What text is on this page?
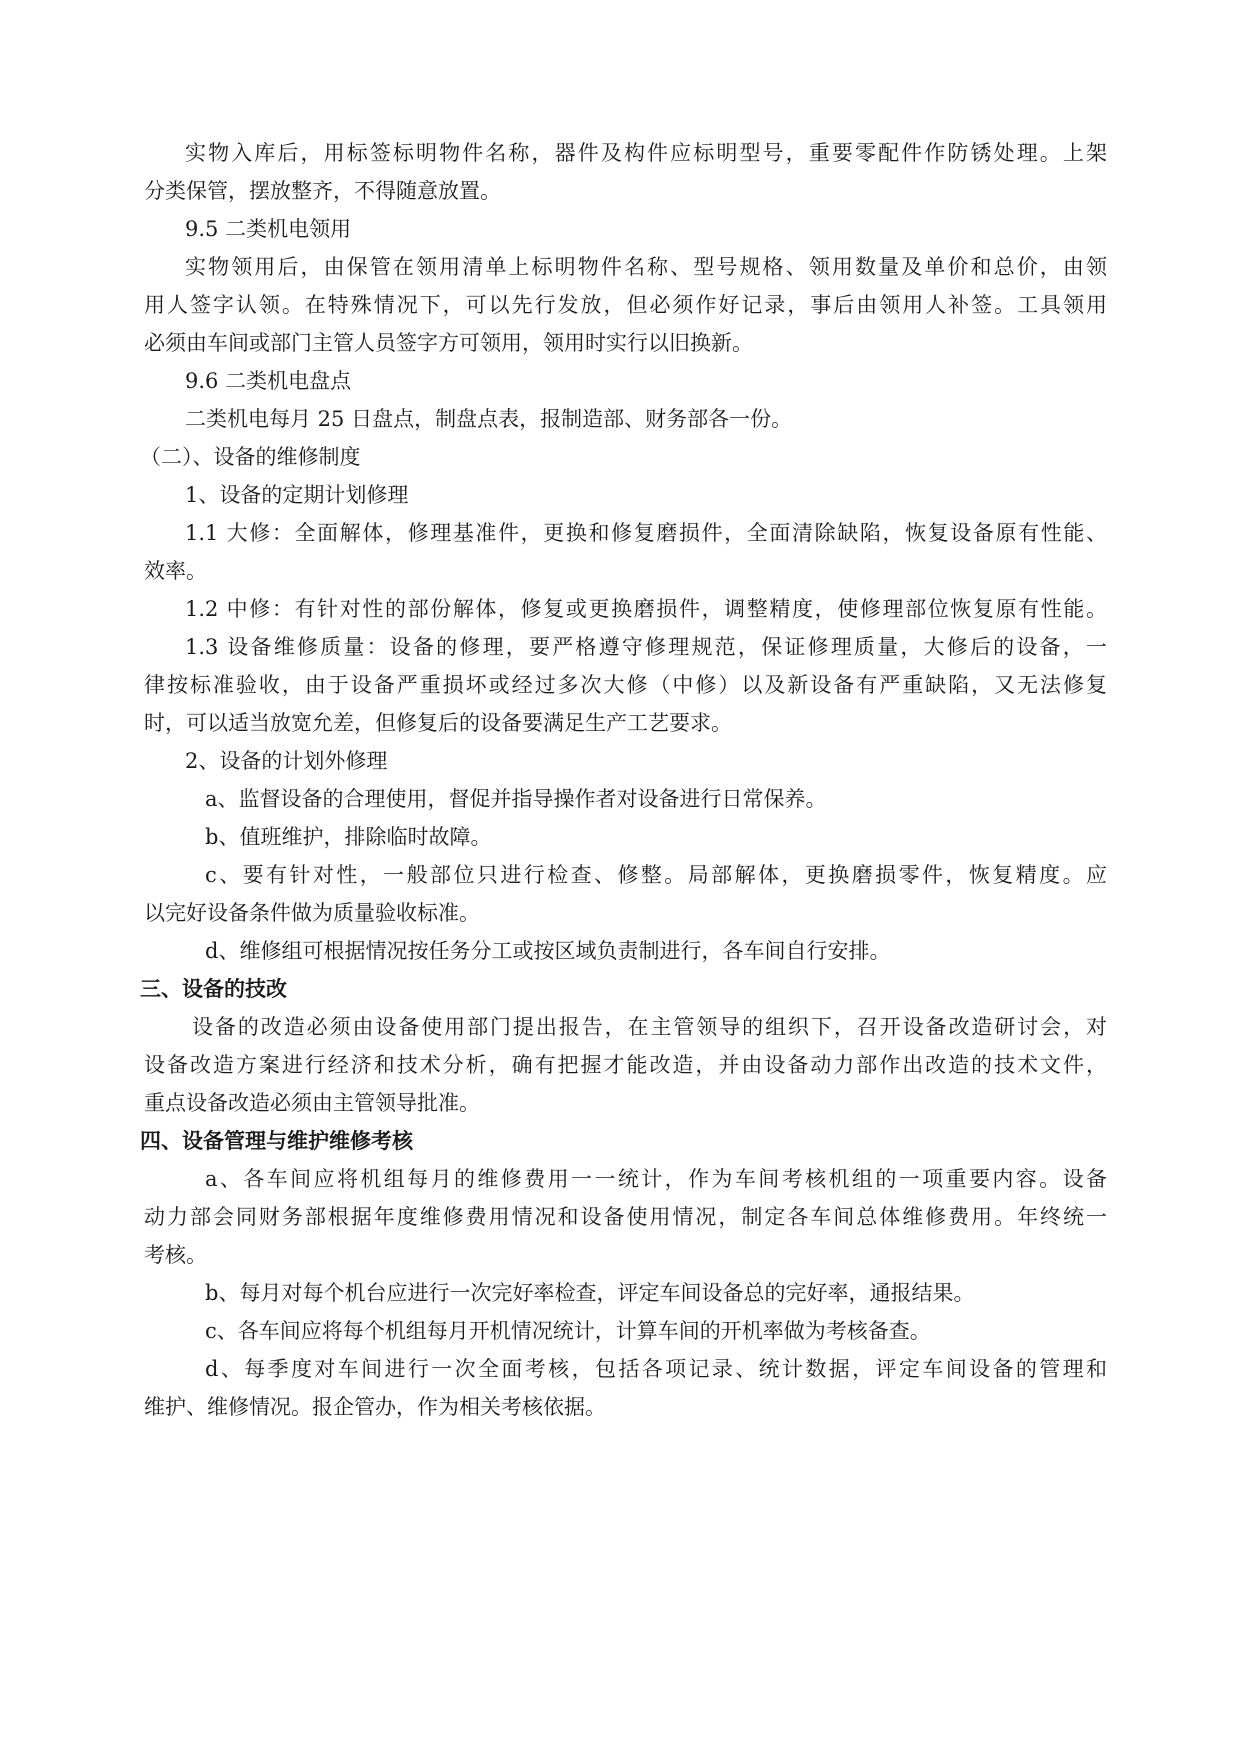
实物入库后，用标签标明物件名称，器件及构件应标明型号，重要零配件作防锈处理。上架
分类保管，摆放整齐，不得随意放置。
9.5 二类机电领用
实物领用后，由保管在领用清单上标明物件名称、型号规格、领用数量及单价和总价，由领
用人签字认领。在特殊情况下，可以先行发放，但必须作好记录，事后由领用人补签。工具领用
必须由车间或部门主管人员签字方可领用，领用时实行以旧换新。
9.6 二类机电盘点
二类机电每月 25 日盘点，制盘点表，报制造部、财务部各一份。
（二）、设备的维修制度
1、设备的定期计划修理
1.1 大修：全面解体，修理基准件，更换和修复磨损件，全面清除缺陷，恢复设备原有性能、
效率。
1.2 中修：有针对性的部份解体，修复或更换磨损件，调整精度，使修理部位恢复原有性能。
1.3 设备维修质量：设备的修理，要严格遵守修理规范，保证修理质量，大修后的设备，一
律按标准验收，由于设备严重损坏或经过多次大修（中修）以及新设备有严重缺陷，又无法修复
时，可以适当放宽允差，但修复后的设备要满足生产工艺要求。
2、设备的计划外修理
a、监督设备的合理使用，督促并指导操作者对设备进行日常保养。
b、值班维护，排除临时故障。
c、要有针对性，一般部位只进行检查、修整。局部解体，更换磨损零件，恢复精度。应
以完好设备条件做为质量验收标准。
d、维修组可根据情况按任务分工或按区域负责制进行，各车间自行安排。
三、设备的技改
设备的改造必须由设备使用部门提出报告，在主管领导的组织下，召开设备改造研讨会，对
设备改造方案进行经济和技术分析，确有把握才能改造，并由设备动力部作出改造的技术文件，
重点设备改造必须由主管领导批准。
四、设备管理与维护维修考核
a、各车间应将机组每月的维修费用一一统计，作为车间考核机组的一项重要内容。设备
动力部会同财务部根据年度维修费用情况和设备使用情况，制定各车间总体维修费用。年终统一
考核。
b、每月对每个机台应进行一次完好率检查，评定车间设备总的完好率，通报结果。
c、各车间应将每个机组每月开机情况统计，计算车间的开机率做为考核备查。
d、每季度对车间进行一次全面考核，包括各项记录、统计数据，评定车间设备的管理和
维护、维修情况。报企管办，作为相关考核依据。
